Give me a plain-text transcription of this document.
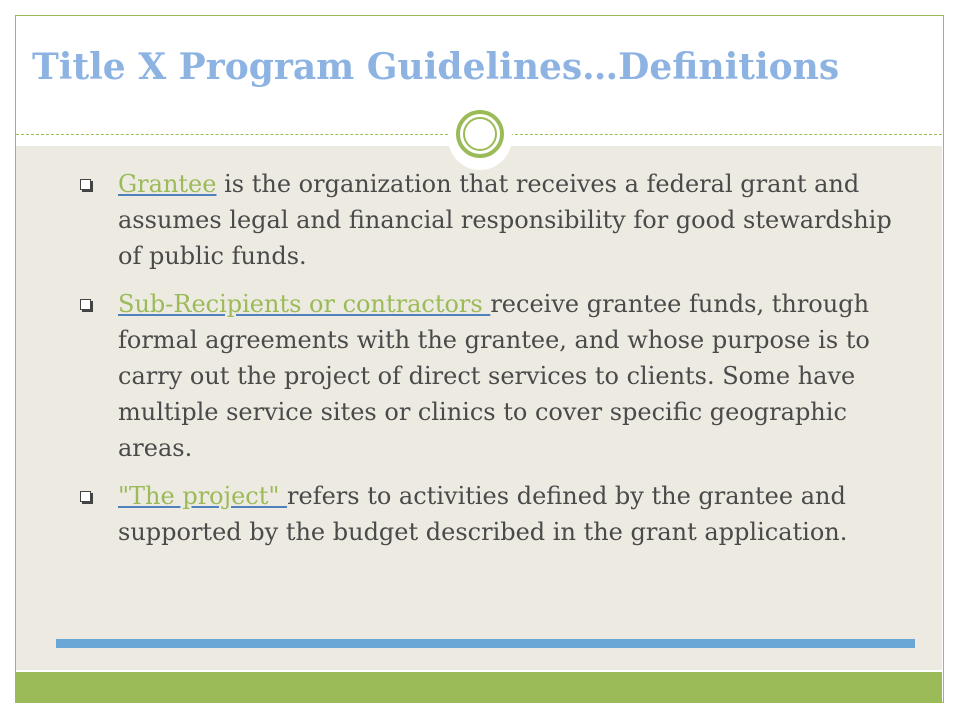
Title X Program Guidelines…Definitions
Grantee is the organization that receives a federal grant and assumes legal and financial responsibility for good stewardship of public funds.
Sub-Recipients or contractors receive grantee funds, through formal agreements with the grantee, and whose purpose is to carry out the project of direct services to clients. Some have multiple service sites or clinics to cover specific geographic areas.
"The project" refers to activities defined by the grantee and supported by the budget described in the grant application.
